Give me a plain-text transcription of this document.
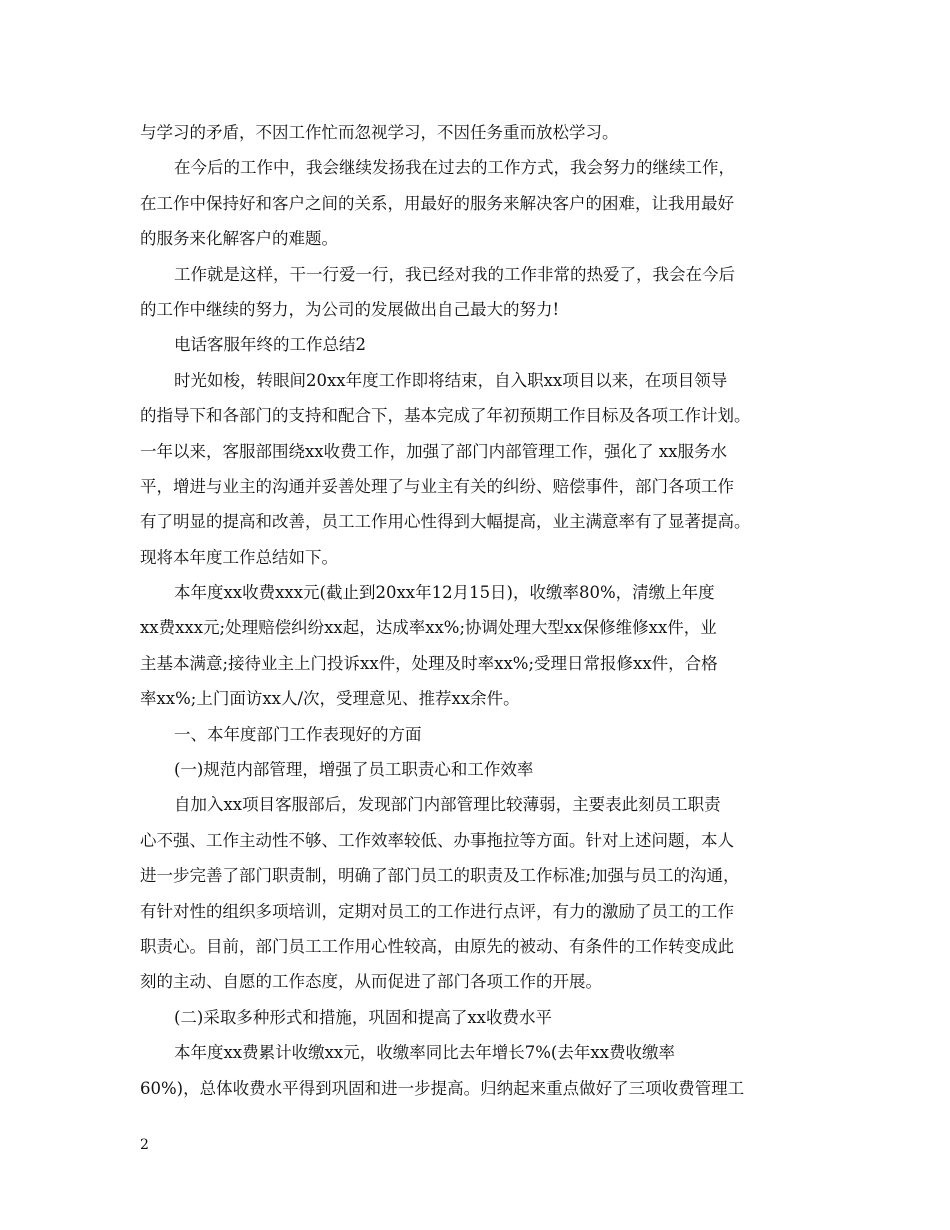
与学习的矛盾，不因工作忙而忽视学习，不因任务重而放松学习。

在今后的工作中，我会继续发扬我在过去的工作方式，我会努力的继续工作，

在工作中保持好和客户之间的关系，用最好的服务来解决客户的困难，让我用最好

的服务来化解客户的难题。

工作就是这样，干一行爱一行，我已经对我的工作非常的热爱了，我会在今后

的工作中继续的努力，为公司的发展做出自己最大的努力!

电话客服年终的工作总结2

时光如梭，转眼间20xx年度工作即将结束，自入职xx项目以来，在项目领导

的指导下和各部门的支持和配合下，基本完成了年初预期工作目标及各项工作计划。

一年以来，客服部围绕xx收费工作，加强了部门内部管理工作，强化了 xx服务水

平，增进与业主的沟通并妥善处理了与业主有关的纠纷、赔偿事件，部门各项工作

有了明显的提高和改善，员工工作用心性得到大幅提高，业主满意率有了显著提高。

现将本年度工作总结如下。

本年度xx收费xxx元(截止到20xx年12月15日)，收缴率80%，清缴上年度

xx费xxx元;处理赔偿纠纷xx起，达成率xx%;协调处理大型xx保修维修xx件，业

主基本满意;接待业主上门投诉xx件，处理及时率xx%;受理日常报修xx件，合格

率xx%;上门面访xx人/次，受理意见、推荐xx余件。

一、本年度部门工作表现好的方面

(一)规范内部管理，增强了员工职责心和工作效率

自加入xx项目客服部后，发现部门内部管理比较薄弱，主要表此刻员工职责

心不强、工作主动性不够、工作效率较低、办事拖拉等方面。针对上述问题，本人

进一步完善了部门职责制，明确了部门员工的职责及工作标准;加强与员工的沟通，

有针对性的组织多项培训，定期对员工的工作进行点评，有力的激励了员工的工作

职责心。目前，部门员工工作用心性较高，由原先的被动、有条件的工作转变成此

刻的主动、自愿的工作态度，从而促进了部门各项工作的开展。

(二)采取多种形式和措施，巩固和提高了xx收费水平

本年度xx费累计收缴xx元，收缴率同比去年增长7%(去年xx费收缴率

60%)，总体收费水平得到巩固和进一步提高。归纳起来重点做好了三项收费管理工

2
